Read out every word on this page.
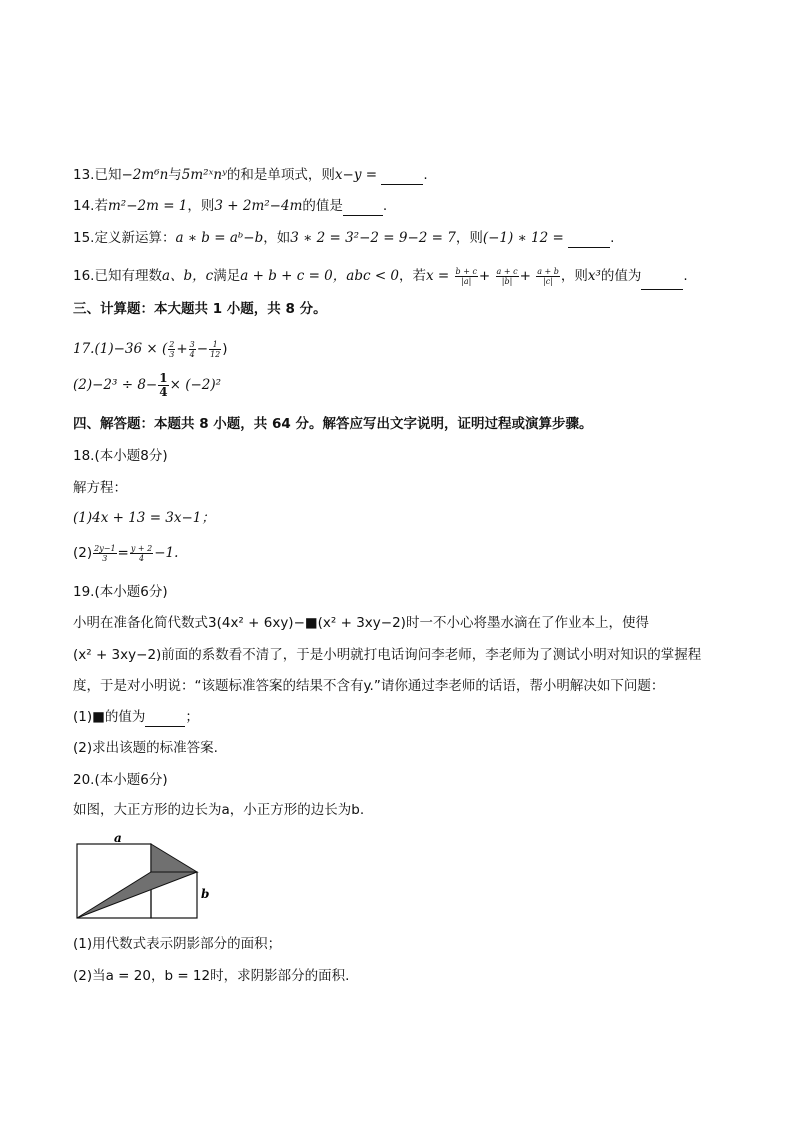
13.已知−2m⁶n与5m²ˣnʸ的和是单项式，则x−y =	.
14.若m²−2m = 1，则3 + 2m²−4m的值是	.
15.定义新运算：a ∗ b = aᵇ−b，如3 ∗ 2 = 3²−2 = 9−2 = 7，则(−1) ∗ 12 =	.
16.已知有理数a、b，c满足a + b + c = 0，abc < 0，若$x = \frac{b + c}{|a|} + \frac{a + c}{|b|} + \frac{a + b}{|c|}$ ，则x³的值为	.
三、计算题：本大题共 1 小题，共 8 分。
17.(1)−36 × ( $\frac{2}{3} + \frac{3}{4} - \frac{1}{12}$ )
$(2)-2^3 \div 8- \frac{1}{4} \times (-2)^2$
四、解答题：本题共 8 小题，共 64 分。解答应写出文字说明，证明过程或演算步骤。
18.(本小题8分)
解方程：
(1)4x + 13 = 3x−1；
$(2) \frac{2y-1}{3} = \frac{y + 2}{4} -1$.
19.(本小题6分)
小明在准备化简代数式3(4x² + 6xy)−■(x² + 3xy−2)时一不小心将墨水滴在了作业本上，使得
(x² + 3xy−2)前面的系数看不清了，于是小明就打电话询问李老师，李老师为了测试小明对知识的掌握程
度，于是对小明说：“该题标准答案的结果不含有y.”请你通过李老师的话语，帮小明解决如下问题：
(1)■的值为	；
(2)求出该题的标准答案.
20.(本小题6分)
如图，大正方形的边长为a，小正方形的边长为b.
a
b
(1)用代数式表示阴影部分的面积；
(2)当a = 20，b = 12时，求阴影部分的面积.
